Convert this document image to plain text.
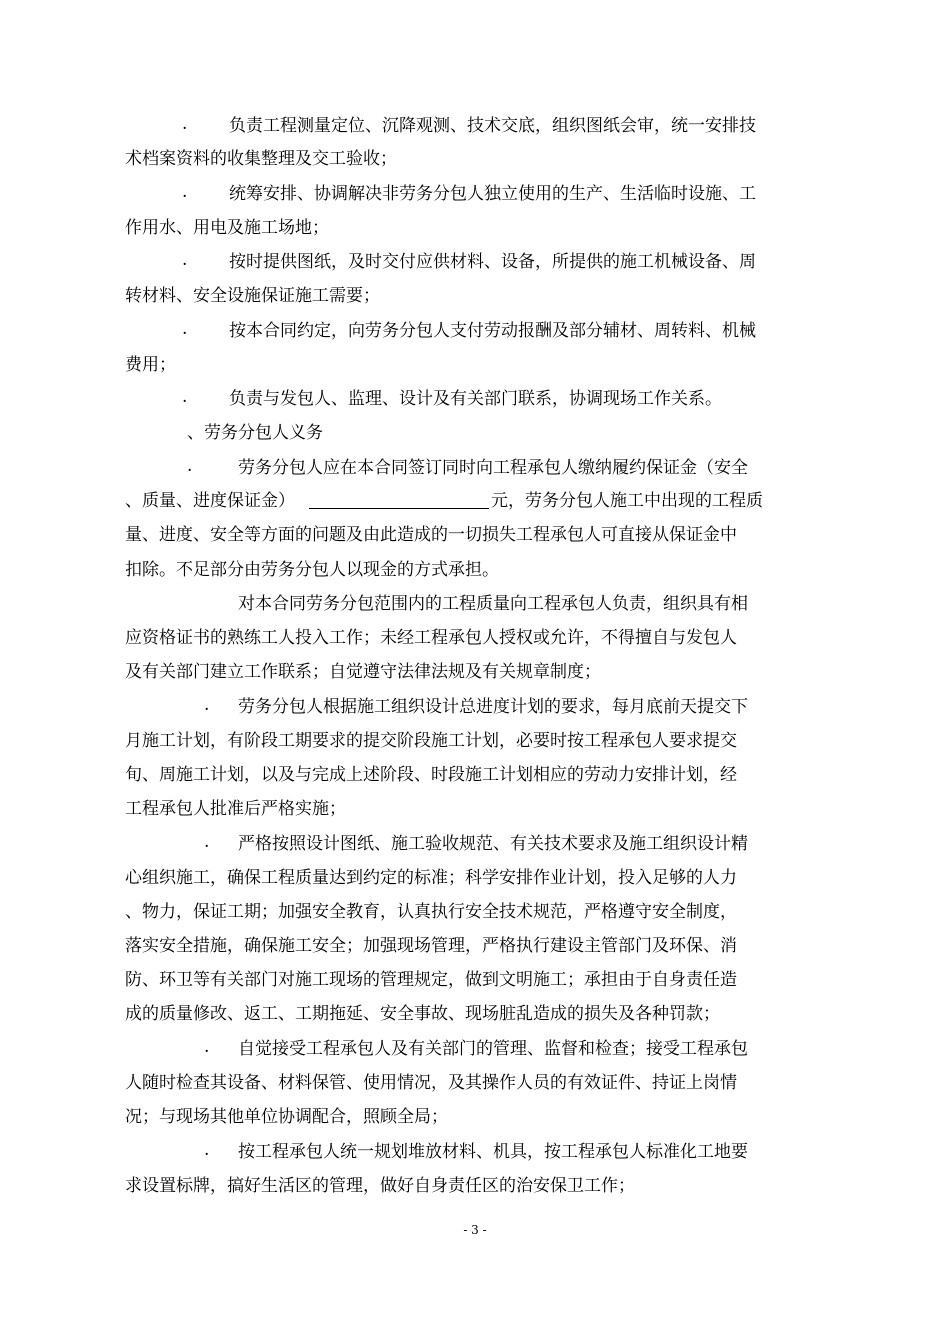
. 负责工程测量定位、沉降观测、技术交底，组织图纸会审，统一安排技
术档案资料的收集整理及交工验收；
. 统筹安排、协调解决非劳务分包人独立使用的生产、生活临时设施、工
作用水、用电及施工场地；
. 按时提供图纸，及时交付应供材料、设备，所提供的施工机械设备、周
转材料、安全设施保证施工需要；
. 按本合同约定，向劳务分包人支付劳动报酬及部分辅材、周转料、机械
费用；
. 负责与发包人、监理、设计及有关部门联系，协调现场工作关系。
、劳务分包人义务
.	劳务分包人应在本合同签订同时向工程承包人缴纳履约保证金（安全
、质量、进度保证金）	元，劳务分包人施工中出现的工程质
量、进度、安全等方面的问题及由此造成的一切损失工程承包人可直接从保证金中
扣除。不足部分由劳务分包人以现金的方式承担。
对本合同劳务分包范围内的工程质量向工程承包人负责，组织具有相
应资格证书的熟练工人投入工作；未经工程承包人授权或允许，不得擅自与发包人
及有关部门建立工作联系；自觉遵守法律法规及有关规章制度；
. 劳务分包人根据施工组织设计总进度计划的要求，每月底前天提交下
月施工计划，有阶段工期要求的提交阶段施工计划，必要时按工程承包人要求提交
旬、周施工计划，以及与完成上述阶段、时段施工计划相应的劳动力安排计划，经
工程承包人批准后严格实施；
. 严格按照设计图纸、施工验收规范、有关技术要求及施工组织设计精
心组织施工，确保工程质量达到约定的标准；科学安排作业计划，投入足够的人力
、物力，保证工期；加强安全教育，认真执行安全技术规范，严格遵守安全制度，
落实安全措施，确保施工安全；加强现场管理，严格执行建设主管部门及环保、消
防、环卫等有关部门对施工现场的管理规定，做到文明施工；承担由于自身责任造
成的质量修改、返工、工期拖延、安全事故、现场脏乱造成的损失及各种罚款；
. 自觉接受工程承包人及有关部门的管理、监督和检查；接受工程承包
人随时检查其设备、材料保管、使用情况，及其操作人员的有效证件、持证上岗情
况；与现场其他单位协调配合，照顾全局；
. 按工程承包人统一规划堆放材料、机具，按工程承包人标准化工地要
求设置标牌，搞好生活区的管理，做好自身责任区的治安保卫工作；
- 3 -
